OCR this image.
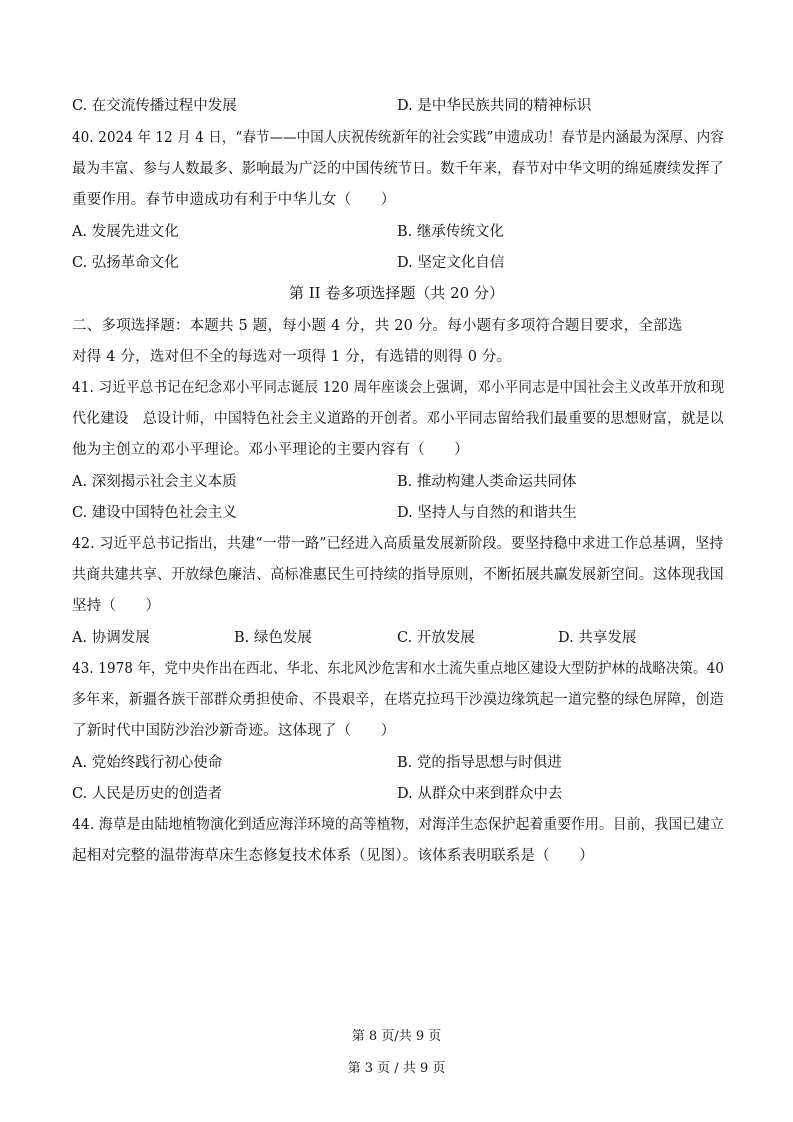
C. 在交流传播过程中发展	D. 是中华民族共同的精神标识
40. 2024 年 12 月 4 日，“春节——中国人庆祝传统新年的社会实践”申遗成功！春节是内涵最为深厚、内容
最为丰富、参与人数最多、影响最为广泛的中国传统节日。数千年来，春节对中华文明的绵延赓续发挥了
重要作用。春节申遗成功有利于中华儿女（　　）
A. 发展先进文化	B. 继承传统文化
C. 弘扬革命文化	D. 坚定文化自信
第 II 卷多项选择题（共 20 分）
二、多项选择题：本题共 5 题，每小题 4 分，共 20 分。每小题有多项符合题目要求，全部选
对得 4 分，选对但不全的每选对一项得 1 分，有选错的则得 0 分。
41. 习近平总书记在纪念邓小平同志诞辰 120 周年座谈会上强调，邓小平同志是中国社会主义改革开放和现
代化建设　总设计师，中国特色社会主义道路的开创者。邓小平同志留给我们最重要的思想财富，就是以
他为主创立的邓小平理论。邓小平理论的主要内容有（　　）
A. 深刻揭示社会主义本质	B. 推动构建人类命运共同体
C. 建设中国特色社会主义	D. 坚持人与自然的和谐共生
42. 习近平总书记指出，共建“一带一路”已经进入高质量发展新阶段。要坚持稳中求进工作总基调，坚持
共商共建共享、开放绿色廉洁、高标准惠民生可持续的指导原则，不断拓展共赢发展新空间。这体现我国
坚持（　　）
A. 协调发展	B. 绿色发展	C. 开放发展	D. 共享发展
43. 1978 年，党中央作出在西北、华北、东北风沙危害和水土流失重点地区建设大型防护林的战略决策。40
多年来，新疆各族干部群众勇担使命、不畏艰辛，在塔克拉玛干沙漠边缘筑起一道完整的绿色屏障，创造
了新时代中国防沙治沙新奇迹。这体现了（　　）
A. 党始终践行初心使命	B. 党的指导思想与时俱进
C. 人民是历史的创造者	D. 从群众中来到群众中去
44. 海草是由陆地植物演化到适应海洋环境的高等植物，对海洋生态保护起着重要作用。目前，我国已建立
起相对完整的温带海草床生态修复技术体系（见图）。该体系表明联系是（　　）
第 8 页/共 9 页
第 3 页 / 共 9 页
